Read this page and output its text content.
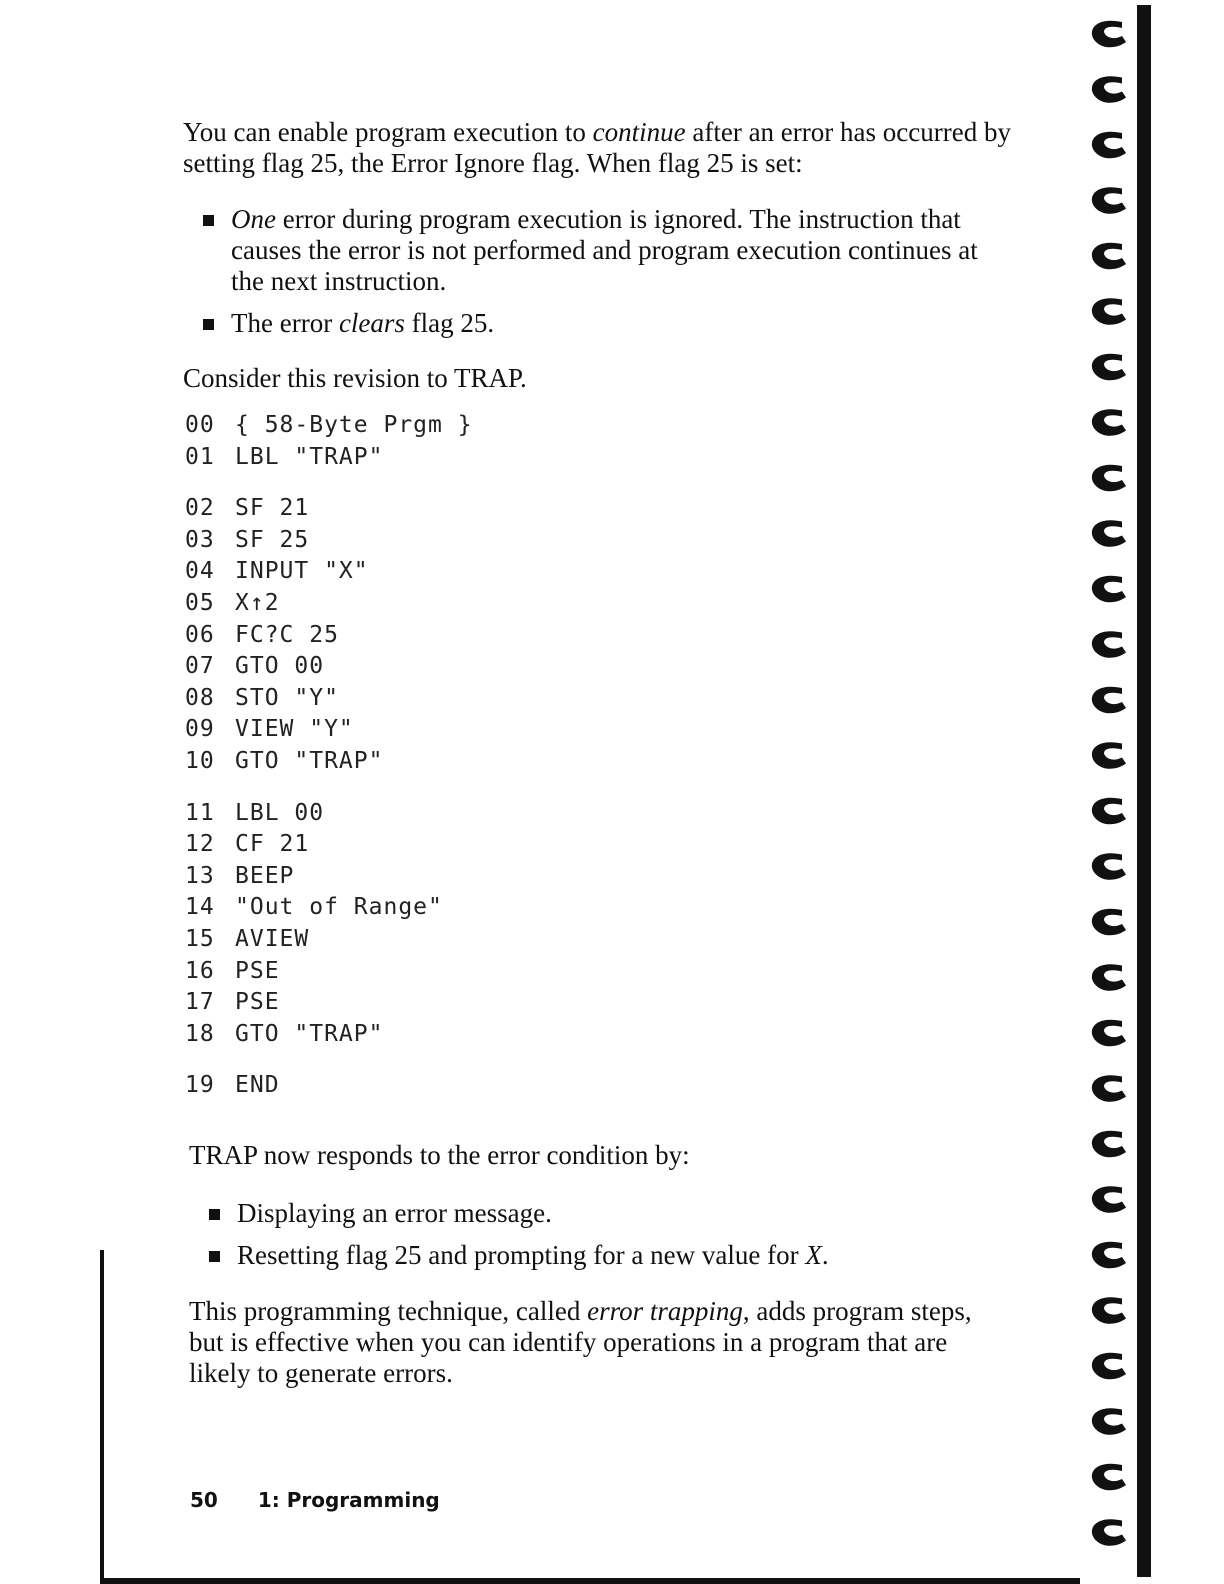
You can enable program execution to continue after an error has occurred by setting flag 25, the Error Ignore flag. When flag 25 is set:

One error during program execution is ignored. The instruction that causes the error is not performed and program execution continues at the next instruction.
The error clears flag 25.

Consider this revision to TRAP.

00 { 58-Byte Prgm }
01 LBL "TRAP"
02 SF 21
03 SF 25
04 INPUT "X"
05 X↑2
06 FC?C 25
07 GTO 00
08 STO "Y"
09 VIEW "Y"
10 GTO "TRAP"
11 LBL 00
12 CF 21
13 BEEP
14 "Out of Range"
15 AVIEW
16 PSE
17 PSE
18 GTO "TRAP"
19 END

TRAP now responds to the error condition by:

Displaying an error message.
Resetting flag 25 and prompting for a new value for X.

This programming technique, called error trapping, adds program steps, but is effective when you can identify operations in a program that are likely to generate errors.

50 1: Programming
